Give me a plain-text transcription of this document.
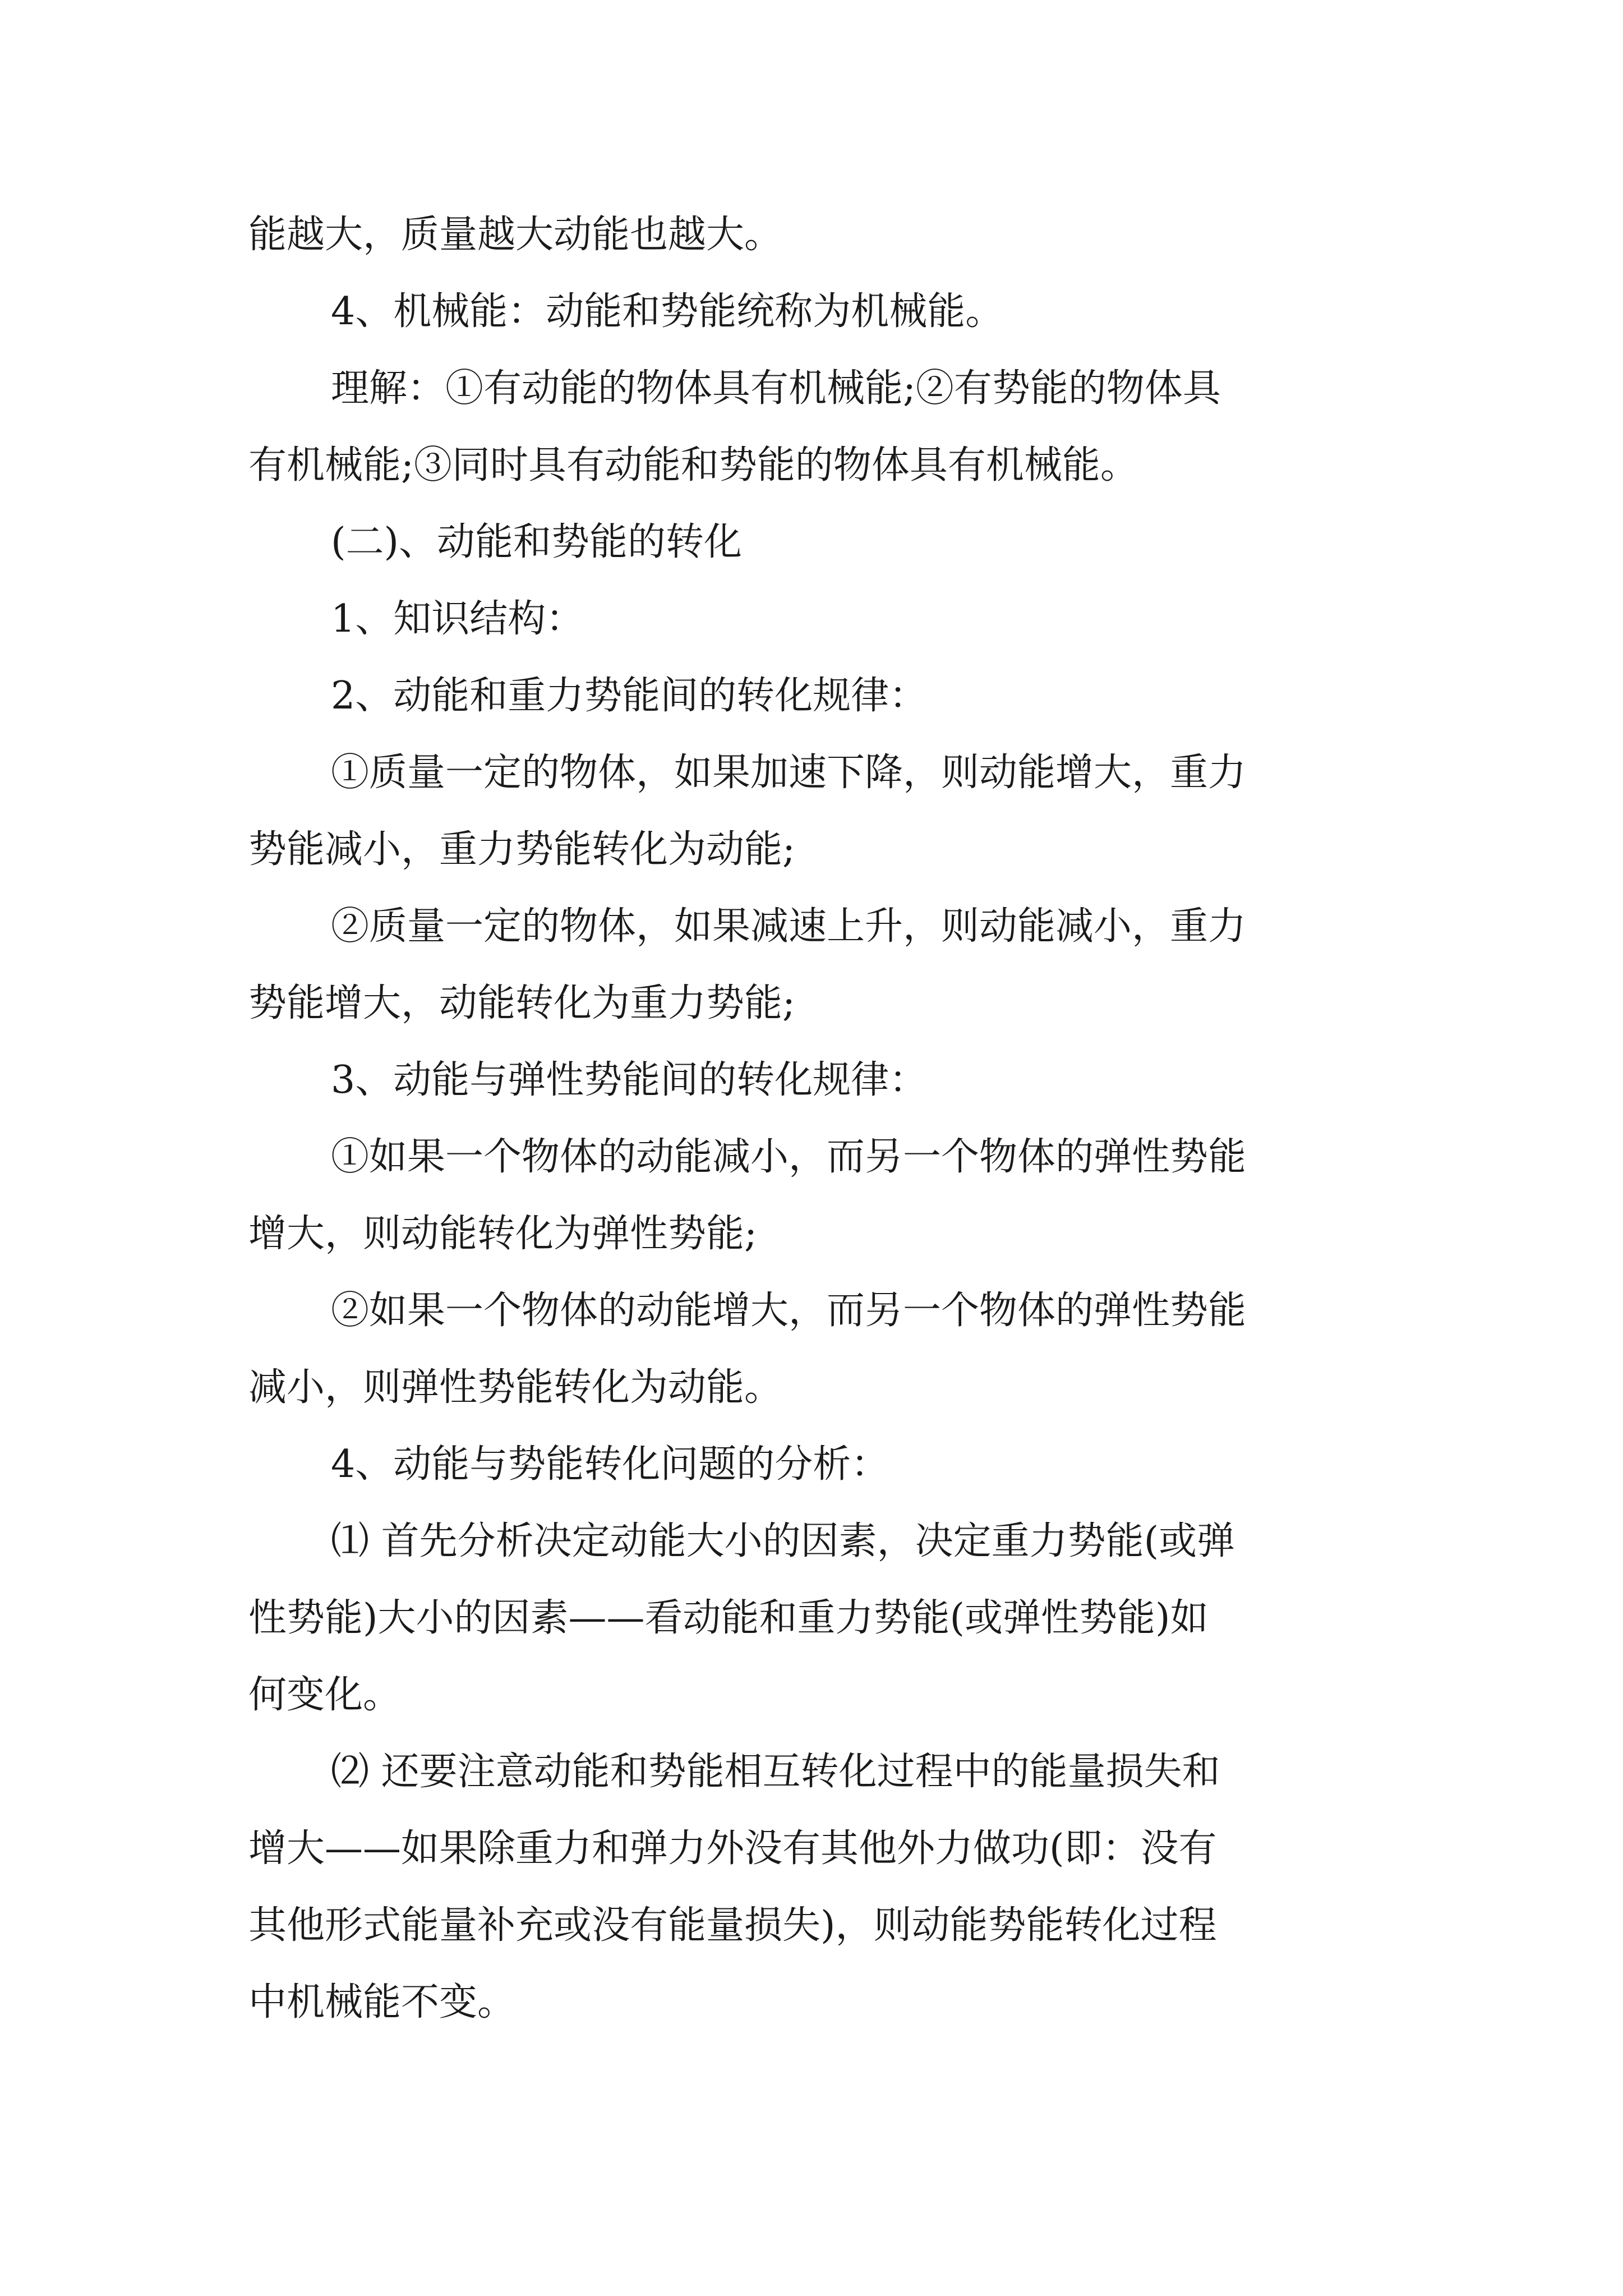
能越大，质量越大动能也越大。

4、机械能：动能和势能统称为机械能。

理解：①有动能的物体具有机械能;②有势能的物体具

有机械能;③同时具有动能和势能的物体具有机械能。

(二)、动能和势能的转化

1、知识结构：

2、动能和重力势能间的转化规律：

①质量一定的物体，如果加速下降，则动能增大，重力

势能减小，重力势能转化为动能;

②质量一定的物体，如果减速上升，则动能减小，重力

势能增大，动能转化为重力势能;

3、动能与弹性势能间的转化规律：

①如果一个物体的动能减小，而另一个物体的弹性势能

增大，则动能转化为弹性势能;

②如果一个物体的动能增大，而另一个物体的弹性势能

减小，则弹性势能转化为动能。

4、动能与势能转化问题的分析：

⑴ 首先分析决定动能大小的因素，决定重力势能(或弹

性势能)大小的因素——看动能和重力势能(或弹性势能)如

何变化。

⑵ 还要注意动能和势能相互转化过程中的能量损失和

增大——如果除重力和弹力外没有其他外力做功(即：没有

其他形式能量补充或没有能量损失)，则动能势能转化过程

中机械能不变。
